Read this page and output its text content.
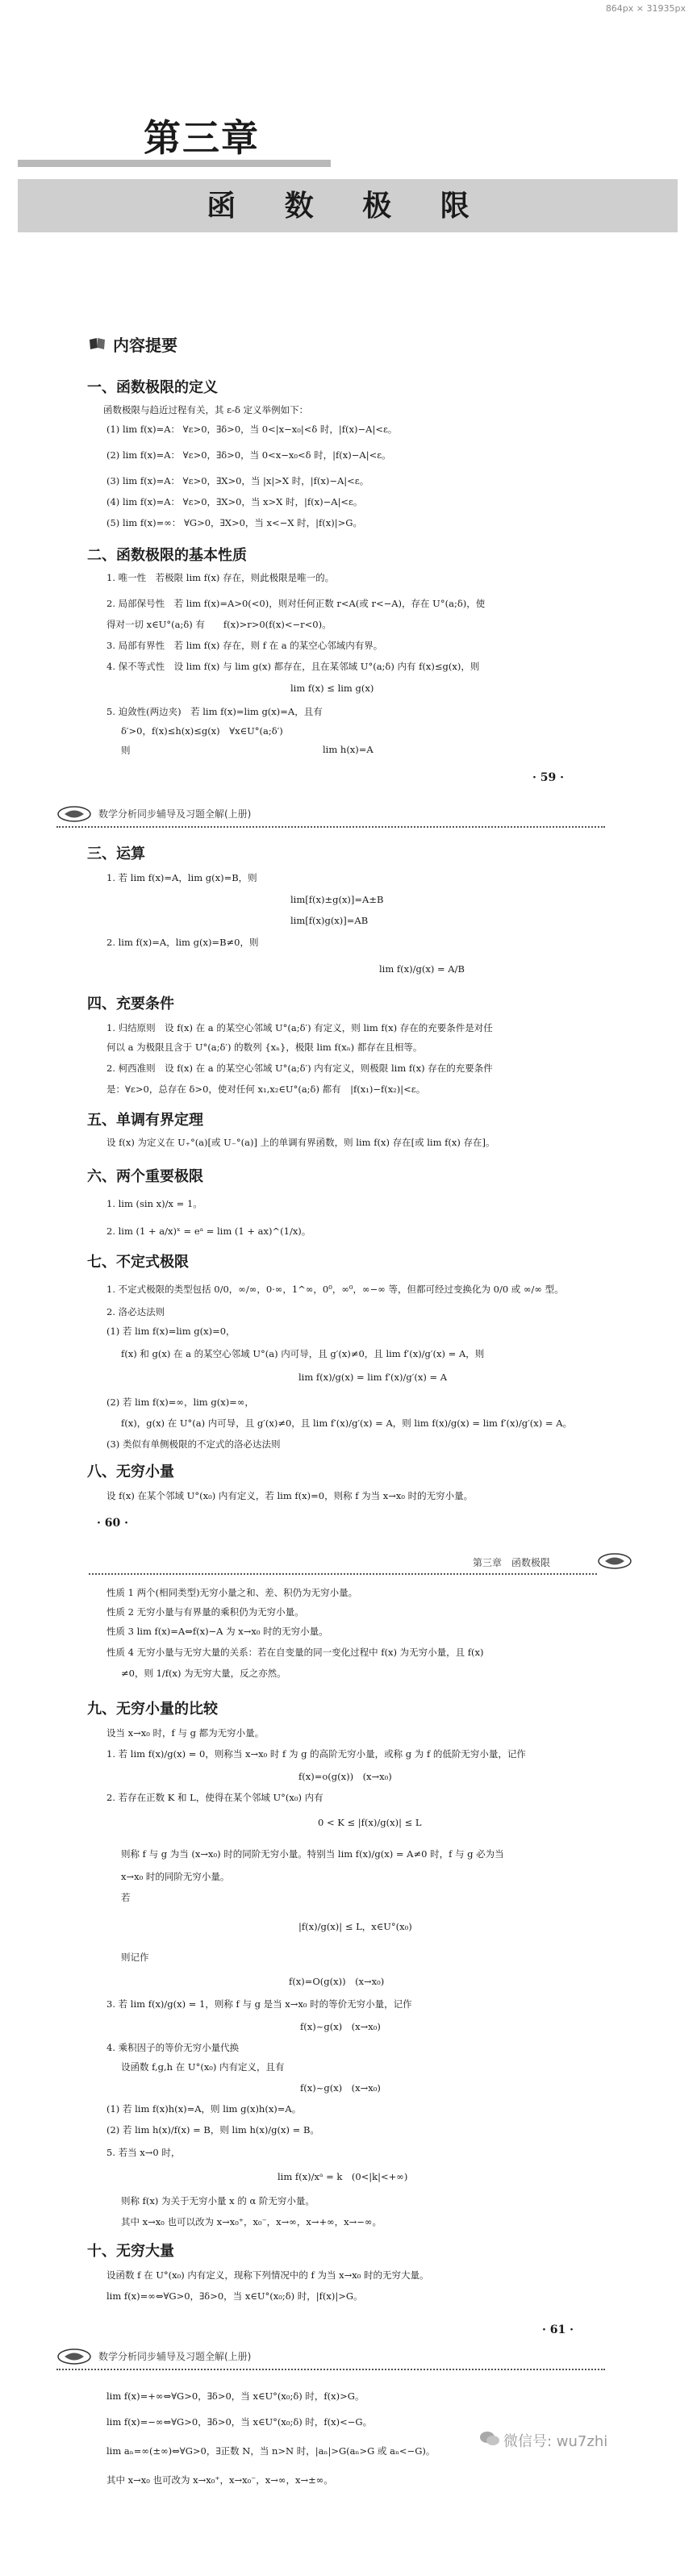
864px × 31935px
第三章
函 数 极 限
内容提要
一、函数极限的定义
函数极限与趋近过程有关，其 ε-δ 定义举例如下：
(1) lim f(x)=A： ∀ε>0，∃δ>0，当 0<|x−x₀|<δ 时，|f(x)−A|<ε。
(2) lim f(x)=A： ∀ε>0，∃δ>0，当 0<x−x₀<δ 时，|f(x)−A|<ε。
(3) lim f(x)=A： ∀ε>0，∃X>0，当 |x|>X 时，|f(x)−A|<ε。
(4) lim f(x)=A： ∀ε>0，∃X>0，当 x>X 时，|f(x)−A|<ε。
(5) lim f(x)=∞： ∀G>0，∃X>0，当 x<−X 时，|f(x)|>G。
二、函数极限的基本性质
1. 唯一性　若极限 lim f(x) 存在，则此极限是唯一的。
2. 局部保号性　若 lim f(x)=A>0(<0)，则对任何正数 r<A(或 r<−A)，存在 U°(a;δ)，使
得对一切 x∈U°(a;δ) 有　　f(x)>r>0(f(x)<−r<0)。
3. 局部有界性　若 lim f(x) 存在，则 f 在 a 的某空心邻域内有界。
4. 保不等式性　设 lim f(x) 与 lim g(x) 都存在，且在某邻域 U°(a;δ) 内有 f(x)≤g(x)，则
lim f(x) ≤ lim g(x)
5. 迫敛性(两边夹)　若 lim f(x)=lim g(x)=A，且有
δ′>0，f(x)≤h(x)≤g(x)　∀x∈U°(a;δ′)
则	lim h(x)=A
· 59 ·
数学分析同步辅导及习题全解(上册)
三、运算
1. 若 lim f(x)=A，lim g(x)=B，则
lim[f(x)±g(x)]=A±B
lim[f(x)g(x)]=AB
2. lim f(x)=A，lim g(x)=B≠0，则
lim f(x)/g(x) = A/B
四、充要条件
1. 归结原则　设 f(x) 在 a 的某空心邻域 U°(a;δ′) 有定义，则 lim f(x) 存在的充要条件是对任
何以 a 为极限且含于 U°(a;δ′) 的数列 {xₙ}，极限 lim f(xₙ) 都存在且相等。
2. 柯西准则　设 f(x) 在 a 的某空心邻域 U°(a;δ′) 内有定义，则极限 lim f(x) 存在的充要条件
是：∀ε>0，总存在 δ>0，使对任何 x₁,x₂∈U°(a;δ) 都有　|f(x₁)−f(x₂)|<ε。
五、单调有界定理
设 f(x) 为定义在 U₊°(a)[或 U₋°(a)] 上的单调有界函数，则 lim f(x) 存在[或 lim f(x) 存在]。
六、两个重要极限
1. lim (sin x)/x = 1。
2. lim (1 + a/x)ˣ = eᵃ = lim (1 + ax)^(1/x)。
七、不定式极限
1. 不定式极限的类型包括 0/0，∞/∞，0·∞，1^∞，0⁰，∞⁰，∞−∞ 等，但都可经过变换化为 0/0 或 ∞/∞ 型。
2. 洛必达法则
(1) 若 lim f(x)=lim g(x)=0，
f(x) 和 g(x) 在 a 的某空心邻域 U°(a) 内可导，且 g′(x)≠0，且 lim f′(x)/g′(x) = A，则
lim f(x)/g(x) = lim f′(x)/g′(x) = A
(2) 若 lim f(x)=∞，lim g(x)=∞，
f(x)，g(x) 在 U°(a) 内可导，且 g′(x)≠0，且 lim f′(x)/g′(x) = A，则 lim f(x)/g(x) = lim f′(x)/g′(x) = A。
(3) 类似有单侧极限的不定式的洛必达法则
八、无穷小量
设 f(x) 在某个邻域 U°(x₀) 内有定义，若 lim f(x)=0，则称 f 为当 x→x₀ 时的无穷小量。
· 60 ·
第三章　函数极限
性质 1 两个(相同类型)无穷小量之和、差、积仍为无穷小量。
性质 2 无穷小量与有界量的乘积仍为无穷小量。
性质 3 lim f(x)=A⇔f(x)−A 为 x→x₀ 时的无穷小量。
性质 4 无穷小量与无穷大量的关系：若在自变量的同一变化过程中 f(x) 为无穷小量，且 f(x)
≠0，则 1/f(x) 为无穷大量，反之亦然。
九、无穷小量的比较
设当 x→x₀ 时，f 与 g 都为无穷小量。
1. 若 lim f(x)/g(x) = 0，则称当 x→x₀ 时 f 为 g 的高阶无穷小量，或称 g 为 f 的低阶无穷小量，记作
f(x)=o(g(x))　(x→x₀)
2. 若存在正数 K 和 L，使得在某个邻域 U°(x₀) 内有
0 < K ≤ |f(x)/g(x)| ≤ L
则称 f 与 g 为当 (x→x₀) 时的同阶无穷小量。特别当 lim f(x)/g(x) = A≠0 时，f 与 g 必为当
x→x₀ 时的同阶无穷小量。
若
|f(x)/g(x)| ≤ L，x∈U°(x₀)
则记作
f(x)=O(g(x))　(x→x₀)
3. 若 lim f(x)/g(x) = 1，则称 f 与 g 是当 x→x₀ 时的等价无穷小量，记作
f(x)~g(x)　(x→x₀)
4. 乘积因子的等价无穷小量代换
设函数 f,g,h 在 U°(x₀) 内有定义，且有
f(x)~g(x)　(x→x₀)
(1) 若 lim f(x)h(x)=A，则 lim g(x)h(x)=A。
(2) 若 lim h(x)/f(x) = B，则 lim h(x)/g(x) = B。
5. 若当 x→0 时，
lim f(x)/xᵃ = k　(0<|k|<+∞)
则称 f(x) 为关于无穷小量 x 的 α 阶无穷小量。
其中 x→x₀ 也可以改为 x→x₀⁺，x₀⁻，x→∞，x→+∞，x→−∞。
十、无穷大量
设函数 f 在 U°(x₀) 内有定义，现称下列情况中的 f 为当 x→x₀ 时的无穷大量。
lim f(x)=∞⇔∀G>0，∃δ>0，当 x∈U°(x₀;δ) 时，|f(x)|>G。
· 61 ·
数学分析同步辅导及习题全解(上册)
lim f(x)=+∞⇔∀G>0，∃δ>0，当 x∈U°(x₀;δ) 时，f(x)>G。
lim f(x)=−∞⇔∀G>0，∃δ>0，当 x∈U°(x₀;δ) 时，f(x)<−G。
lim aₙ=∞(±∞)⇔∀G>0，∃正数 N，当 n>N 时，|aₙ|>G(aₙ>G 或 aₙ<−G)。
其中 x→x₀ 也可改为 x→x₀⁺，x→x₀⁻，x→∞，x→±∞。
微信号: wu7zhi
